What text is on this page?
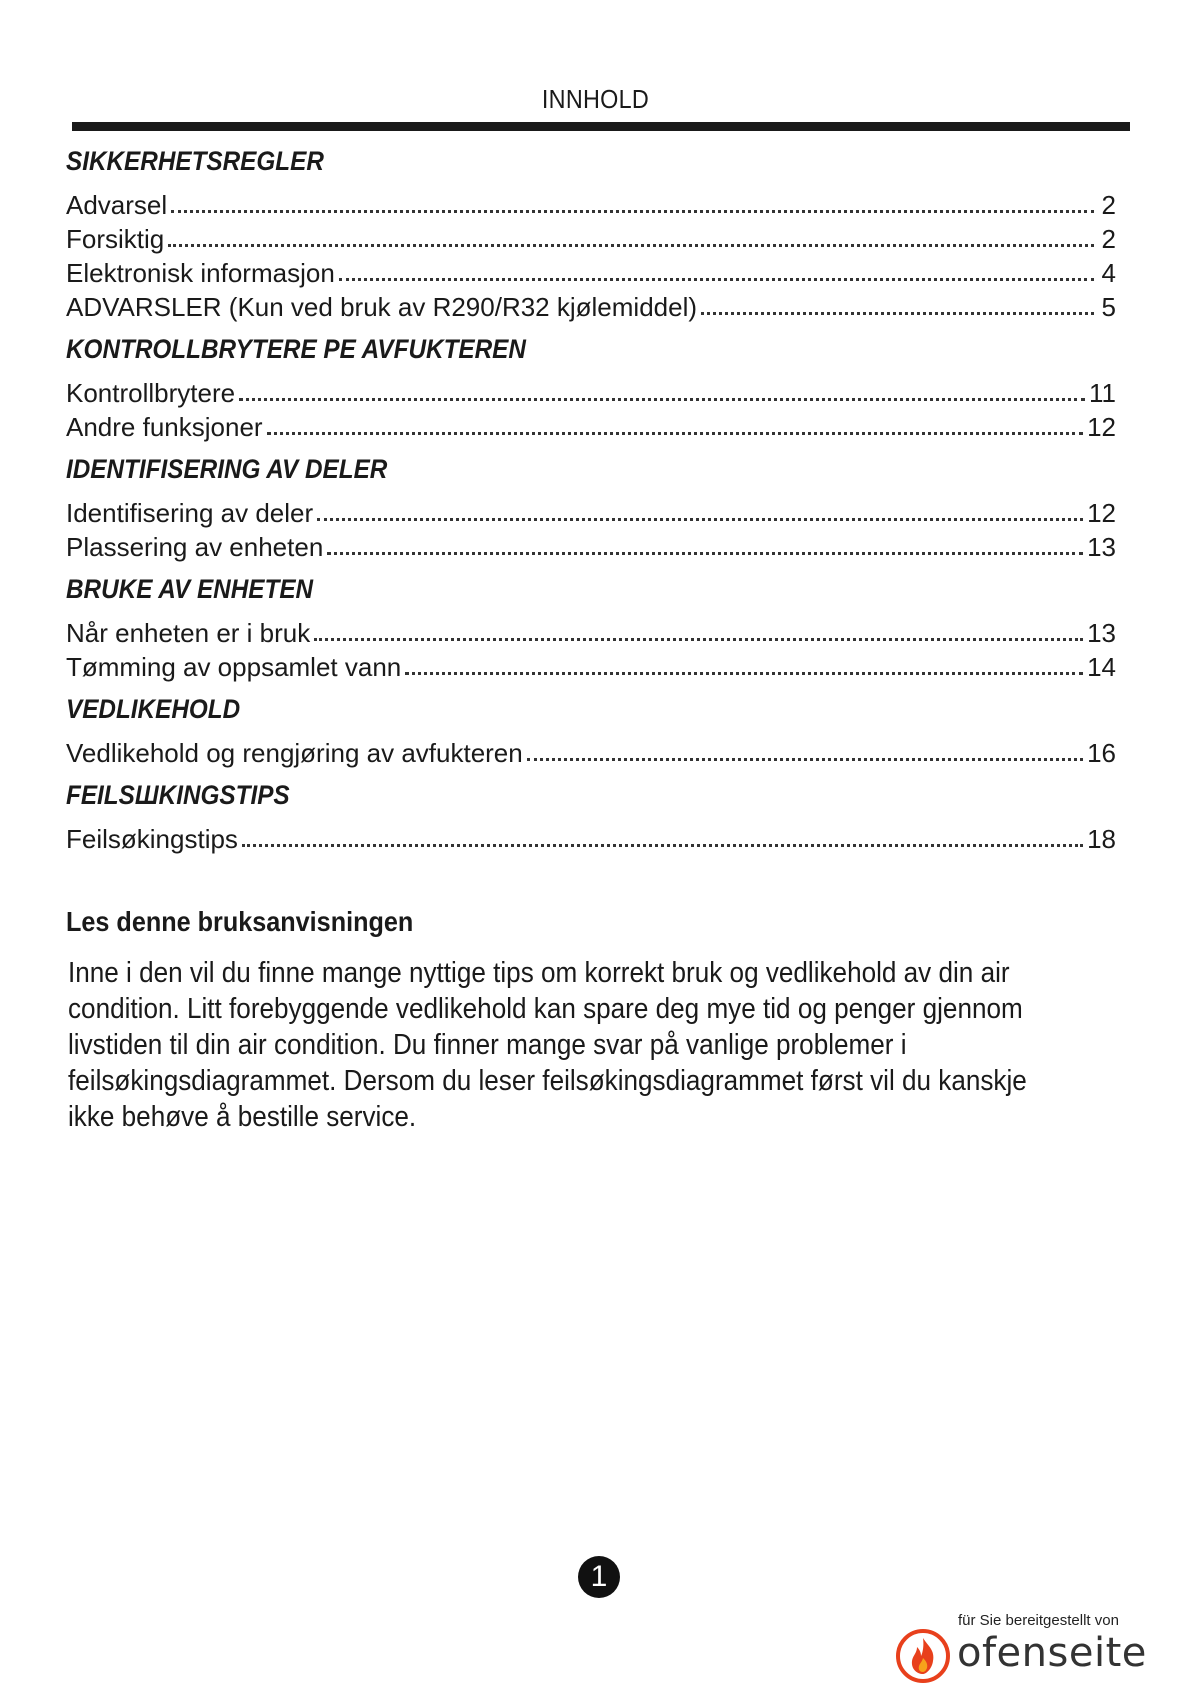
INNHOLD
SIKKERHETSREGLER
Advarsel	2
Forsiktig	2
Elektronisk informasjon	4
ADVARSLER (Kun ved bruk av R290/R32 kjølemiddel)	5
KONTROLLBRYTERE PE AVFUKTEREN
Kontrollbrytere	11
Andre funksjoner	12
IDENTIFISERING AV DELER
Identifisering av deler	12
Plassering av enheten	13
BRUKE AV ENHETEN
Når enheten er i bruk	13
Tømming av oppsamlet vann	14
VEDLIKEHOLD
Vedlikehold og rengjøring av avfukteren	16
FEILSШKINGSTIPS
Feilsøkingstips	18
Les denne bruksanvisningen
Inne i den vil du finne mange nyttige tips om korrekt bruk og vedlikehold av din air condition. Litt forebyggende vedlikehold kan spare deg mye tid og penger gjennom livstiden til din air condition. Du finner mange svar på vanlige problemer i feilsøkingsdiagrammet. Dersom du leser feilsøkingsdiagrammet først vil du kanskje ikke behøve å bestille service.
1
für Sie bereitgestellt von
ofenseite
